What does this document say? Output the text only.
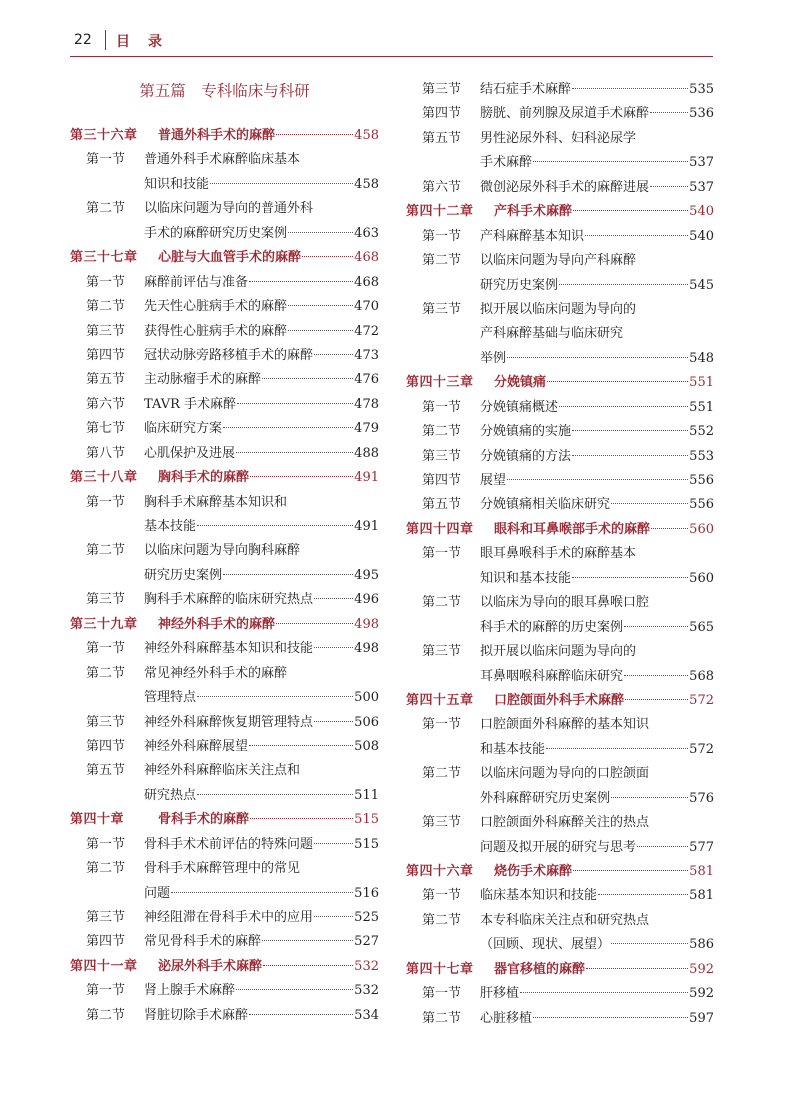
22 目录
第五篇　专科临床与科研
第三十六章	普通外科手术的麻醉	458
第一节	普通外科手术麻醉临床基本
知识和技能	458
第二节	以临床问题为导向的普通外科
手术的麻醉研究历史案例	463
第三十七章	心脏与大血管手术的麻醉	468
第一节	麻醉前评估与准备	468
第二节	先天性心脏病手术的麻醉	470
第三节	获得性心脏病手术的麻醉	472
第四节	冠状动脉旁路移植手术的麻醉	473
第五节	主动脉瘤手术的麻醉	476
第六节	TAVR 手术麻醉	478
第七节	临床研究方案	479
第八节	心肌保护及进展	488
第三十八章	胸科手术的麻醉	491
第一节	胸科手术麻醉基本知识和
基本技能	491
第二节	以临床问题为导向胸科麻醉
研究历史案例	495
第三节	胸科手术麻醉的临床研究热点	496
第三十九章	神经外科手术的麻醉	498
第一节	神经外科麻醉基本知识和技能	498
第二节	常见神经外科手术的麻醉
管理特点	500
第三节	神经外科麻醉恢复期管理特点	506
第四节	神经外科麻醉展望	508
第五节	神经外科麻醉临床关注点和
研究热点	511
第四十章	骨科手术的麻醉	515
第一节	骨科手术术前评估的特殊问题	515
第二节	骨科手术麻醉管理中的常见
问题	516
第三节	神经阻滞在骨科手术中的应用	525
第四节	常见骨科手术的麻醉	527
第四十一章	泌尿外科手术麻醉	532
第一节	肾上腺手术麻醉	532
第二节	肾脏切除手术麻醉	534
第三节	结石症手术麻醉	535
第四节	膀胱、前列腺及尿道手术麻醉	536
第五节	男性泌尿外科、妇科泌尿学
手术麻醉	537
第六节	微创泌尿外科手术的麻醉进展	537
第四十二章	产科手术麻醉	540
第一节	产科麻醉基本知识	540
第二节	以临床问题为导向产科麻醉
研究历史案例	545
第三节	拟开展以临床问题为导向的
产科麻醉基础与临床研究
举例	548
第四十三章	分娩镇痛	551
第一节	分娩镇痛概述	551
第二节	分娩镇痛的实施	552
第三节	分娩镇痛的方法	553
第四节	展望	556
第五节	分娩镇痛相关临床研究	556
第四十四章	眼科和耳鼻喉部手术的麻醉	560
第一节	眼耳鼻喉科手术的麻醉基本
知识和基本技能	560
第二节	以临床为导向的眼耳鼻喉口腔
科手术的麻醉的历史案例	565
第三节	拟开展以临床问题为导向的
耳鼻咽喉科麻醉临床研究	568
第四十五章	口腔颌面外科手术麻醉	572
第一节	口腔颌面外科麻醉的基本知识
和基本技能	572
第二节	以临床问题为导向的口腔颌面
外科麻醉研究历史案例	576
第三节	口腔颌面外科麻醉关注的热点
问题及拟开展的研究与思考	577
第四十六章	烧伤手术麻醉	581
第一节	临床基本知识和技能	581
第二节	本专科临床关注点和研究热点
（回顾、现状、展望）	586
第四十七章	器官移植的麻醉	592
第一节	肝移植	592
第二节	心脏移植	597
